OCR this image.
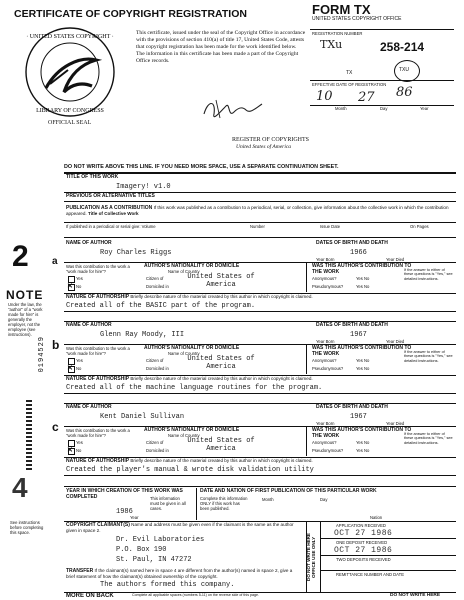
CERTIFICATE OF COPYRIGHT REGISTRATION	FORM TX
UNITED STATES COPYRIGHT OFFICE
REGISTRATION NUMBER
TXu	258-214
TX	TXU
EFFECTIVE DATE OF REGISTRATION
10 27 86
Month	Day	Year
· UNITED STATES COPYRIGHT ·
LIBRARY OF CONGRESS
OFFICIAL SEAL
This certificate, issued under the seal of the Copyright Office in accordance with the provisions of section 410(a) of title 17, United States Code, attests that copyright registration has been made for the work identified below. The information in this certificate has been made a part of the Copyright Office records.
REGISTER OF COPYRIGHTS
United States of America
DO NOT WRITE ABOVE THIS LINE. IF YOU NEED MORE SPACE, USE A SEPARATE CONTINUATION SHEET.
TITLE OF THIS WORK
Imagery! v1.0
PREVIOUS OR ALTERNATIVE TITLES
PUBLICATION AS A CONTRIBUTION If this work was published as a contribution to a periodical, serial, or collection, give information about the collective work in which the contribution appeared. Title of Collective Work
If published in a periodical or serial give: Volume	Number	Issue Date	On Pages
2
NOTE
Under the law, the "author" of a "work made for hire" is generally the employer, not the employee (see instructions).
0194529
4
See instructions before completing this space.
a
NAME OF AUTHOR
Roy Charles Riggs
DATES OF BIRTH AND DEATH
1966
Year Born	Year Died
Was this contribution to the work a "work made for hire"?
Yes
✕ No
AUTHOR'S NATIONALITY OR DOMICILE
Name of Country
Citizen of
Domiciled in
United States of America
WAS THIS AUTHOR'S CONTRIBUTION TO THE WORK
Anonymous?	Yes No
Pseudonymous?	Yes No
If the answer to either of these questions is "Yes," see detailed instructions.
NATURE OF AUTHORSHIP Briefly describe nature of the material created by this author in which copyright is claimed.
Created all of the BASIC part of the program.
b
NAME OF AUTHOR
Glenn Ray Moody, III
DATES OF BIRTH AND DEATH
1967
Year Born	Year Died
Was this contribution to the work a "work made for hire"?
Yes
✕ No
AUTHOR'S NATIONALITY OR DOMICILE
Name of Country
Citizen of
Domiciled in
United States of America
WAS THIS AUTHOR'S CONTRIBUTION TO THE WORK
Anonymous?	Yes No
Pseudonymous?	Yes No
If the answer to either of these questions is "Yes," see detailed instructions.
NATURE OF AUTHORSHIP Briefly describe nature of the material created by this author in which copyright is claimed.
Created all of the machine language routines for the program.
c
NAME OF AUTHOR
Kent Daniel Sullivan
DATES OF BIRTH AND DEATH
1967
Year Born	Year Died
Was this contribution to the work a "work made for hire"?
Yes
✕ No
AUTHOR'S NATIONALITY OR DOMICILE
Name of Country
Citizen of
Domiciled in
United States of America
WAS THIS AUTHOR'S CONTRIBUTION TO THE WORK
Anonymous?	Yes No
Pseudonymous?	Yes No
If the answer to either of these questions is "Yes," see detailed instructions.
NATURE OF AUTHORSHIP Briefly describe nature of the material created by this author in which copyright is claimed.
Created the player's manual & wrote disk validation utility
YEAR IN WHICH CREATION OF THIS WORK WAS COMPLETED	This information must be given in all cases.
1986
Year
DATE AND NATION OF FIRST PUBLICATION OF THIS PARTICULAR WORK
Complete this information ONLY if this work has been published.
Month	Day
Nation
COPYRIGHT CLAIMANT(S) Name and address must be given even if the claimant is the same as the author given in space 2.
Dr. Evil Laboratories
P.O. Box 190
St. Paul, IN 47272
TRANSFER If the claimant(s) named here in space 4 are different from the author(s) named in space 2, give a brief statement of how the claimant(s) obtained ownership of the copyright.
The authors formed this company.
DO NOT WRITE HERE OFFICE USE ONLY
APPLICATION RECEIVED
OCT 27 1986
ONE DEPOSIT RECEIVED
OCT 27 1986
TWO DEPOSITS RECEIVED
REMITTANCE NUMBER AND DATE
MORE ON BACK	Complete all applicable spaces (numbers 5-11) on the reverse side of this page.	DO NOT WRITE HERE
